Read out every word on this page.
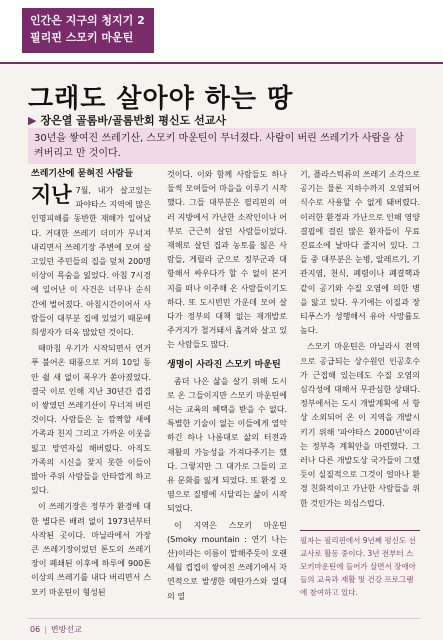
인간은 지구의 청지기 2
필리핀 스모키 마운틴
그래도 살아야 하는 땅
▶ 장은열 골롬바/골롬반회 평신도 선교사
30년을 쌓여진 쓰레기산, 스모키 마운틴이 무너졌다. 사람이 버린 쓰레기가 사람을 삼켜버리고 만 것이다.
쓰레기산에 묻혀진 사람들

지난 7월, 내가 살고있는 파야타스 지역에 많은 인명피해를 동반한 재해가 일어났다. 거대한 쓰레기 더미가 무너져 내리면서 쓰레기장 주변에 모여 살고있던 주민들의 집을 덮쳐 200명 이상이 목숨을 잃었다. 아침 7시경에 일어난 이 사건은 너무나 순식간에 벌어졌다. 아침시간이어서 사람들이 대부분 집에 있었기 때문에 희생자가 더욱 많았던 것이다.

때마침 우기가 시작되면서 연거푸 불어온 태풍으로 거의 10일 동안 쉴 새 없이 폭우가 쏟아졌었다. 결국 이로 인해 지난 30년간 겹겹이 쌓였던 쓰레기산이 무너져 버린 것이다. 사람들은 눈 깜짝할 새에 가족과 친지 그리고 가까운 이웃을 잃고 망연자실 해버렸다. 아직도 가족의 시신을 찾지 못한 이들이 많아 주위 사람들을 안타깝게 하고 있다.

이 쓰레기장은 정부가 환경에 대한 별다른 배려 없이 1973년부터 사작된 곳이다. 마닐라에서 가장 큰 쓰레기장이었던 톤도의 쓰레기장이 폐쇄된 이후에 하루에 900톤 이상의 쓰레기를 내다 버리면서 스모키 마운틴이 형성된

것이다. 이와 함께 사람들도 하나 둘씩 모여들어 마을을 이루기 시작했다. 그들 대부분은 필리핀의 여러 지방에서 가난한 소작인이나 어부로 근근히 살던 사람들이었다. 재해로 살던 집과 농토를 잃은 사람들, 게릴라 군으로 정부군과 대항해서 싸우다가 할 수 없이 본거지를 떠나 이주해 온 사람들이기도 하다. 또 도시빈민 가운데 모여 살다가 정부의 대책 없는 재개발로 주거지가 철거돼서 옮겨와 살고 있는 사람들도 많다.

생명이 사라진 스모키 마운틴

좀더 나은 삶을 살기 위해 도시로 온 그들이지만 스모키 마운틴에서는 교육의 혜택을 받을 수 없다. 특별한 기술이 없는 이들에게 열악하긴 하나 나름대로 삶의 터전과 재활의 가능성을 가져다주기는 했다. 그렇지만 그 대가로 그들의 고유 문화를 잃게 되었다. 또 환경 오염으로 질병에 시달리는 삶이 시작되었다.

이 지역은 스모키 마운틴(Smoky mountain : 연기 나는 산)이라는 이름이 말해주듯이 오랜 세월 켭켭이 쌓여진 쓰레기에서 자연적으로 발생한 메탄가스와 열대의 열

기, 플라스틱류의 쓰레기 소각으로 공기는 물론 지하수까지 오염되어 식수로 사용할 수 없게 돼버렸다. 이러한 환경과 가난으로 인해 영양 결핍에 걸린 많은 환자들이 무료 진료소에 날마다 줄지어 있다. 그들 중 대부분은 눈병, 알레르기, 기관지염, 천식, 폐렴이나 폐결핵과 같이 공기와 수질 오염에 의한 병을 앓고 있다. 우기에는 이질과 장티푸스가 성행해서 유아 사망률도 높다.

스모키 마운틴은 마닐라시 전역으로 공급되는 상수원인 인공호수가 근접해 있는데도 수질 오염의 심각성에 대해서 무관심한 상태다. 정부에서는 도시 개발계획에 서 항상 소외되어 온 이 지역을 개발시키기 위해 '파야타스 2000년'이라는 정부측 계획안을 마련했다. 그러나 다른 개발도상 국가들이 그랬듯이 실질적으로 그것이 얼마나 환경 친화적이고 가난한 사람들을 위한 것인가는 의심스럽다.

필자는 필리핀에서 9년째 평신도 선교사로 활동 중이다. 3년 전부터 스모키마운틴에 들어가 살면서 장애아들의 교육과 재활 및 건강 프로그램에 참여하고 있다.
06 | 변방선교
